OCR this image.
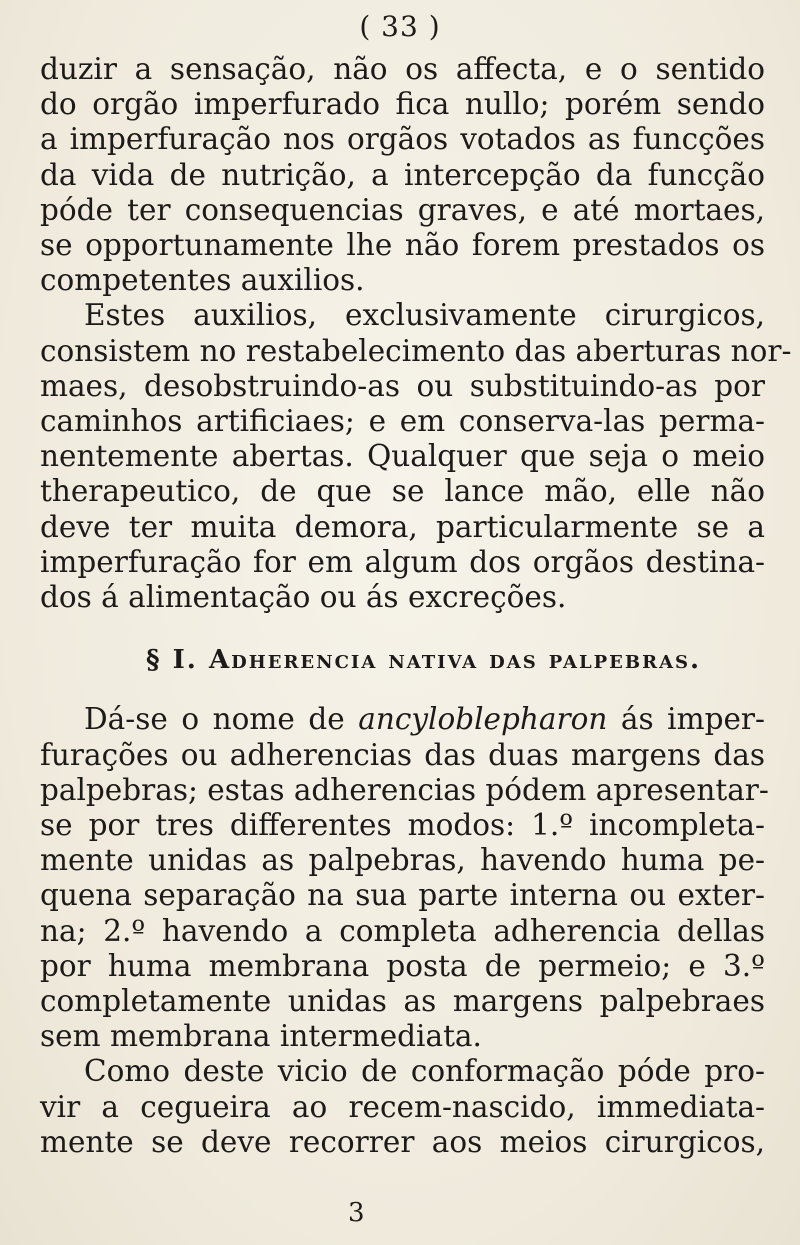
( 33 )
duzir a sensação, não os affecta, e o sentido
do orgão imperfurado fica nullo; porém sendo
a imperfuração nos orgãos votados as funcções
da vida de nutrição, a intercepção da funcção
póde ter consequencias graves, e até mortaes,
se opportunamente lhe não forem prestados os
competentes auxilios.
Estes auxilios, exclusivamente cirurgicos,
consistem no restabelecimento das aberturas nor-
maes, desobstruindo-as ou substituindo-as por
caminhos artificiaes; e em conserva-las perma-
nentemente abertas. Qualquer que seja o meio
therapeutico, de que se lance mão, elle não
deve ter muita demora, particularmente se a
imperfuração for em algum dos orgãos destina-
dos á alimentação ou ás excreções.
§ I. Adherencia nativa das palpebras.
Dá-se o nome de ancyloblepharon ás imper-
furações ou adherencias das duas margens das
palpebras; estas adherencias pódem apresentar-
se por tres differentes modos: 1.º incompleta-
mente unidas as palpebras, havendo huma pe-
quena separação na sua parte interna ou exter-
na; 2.º havendo a completa adherencia dellas
por huma membrana posta de permeio; e 3.º
completamente unidas as margens palpebraes
sem membrana intermediata.
Como deste vicio de conformação póde pro-
vir a cegueira ao recem-nascido, immediata-
mente se deve recorrer aos meios cirurgicos,
3
